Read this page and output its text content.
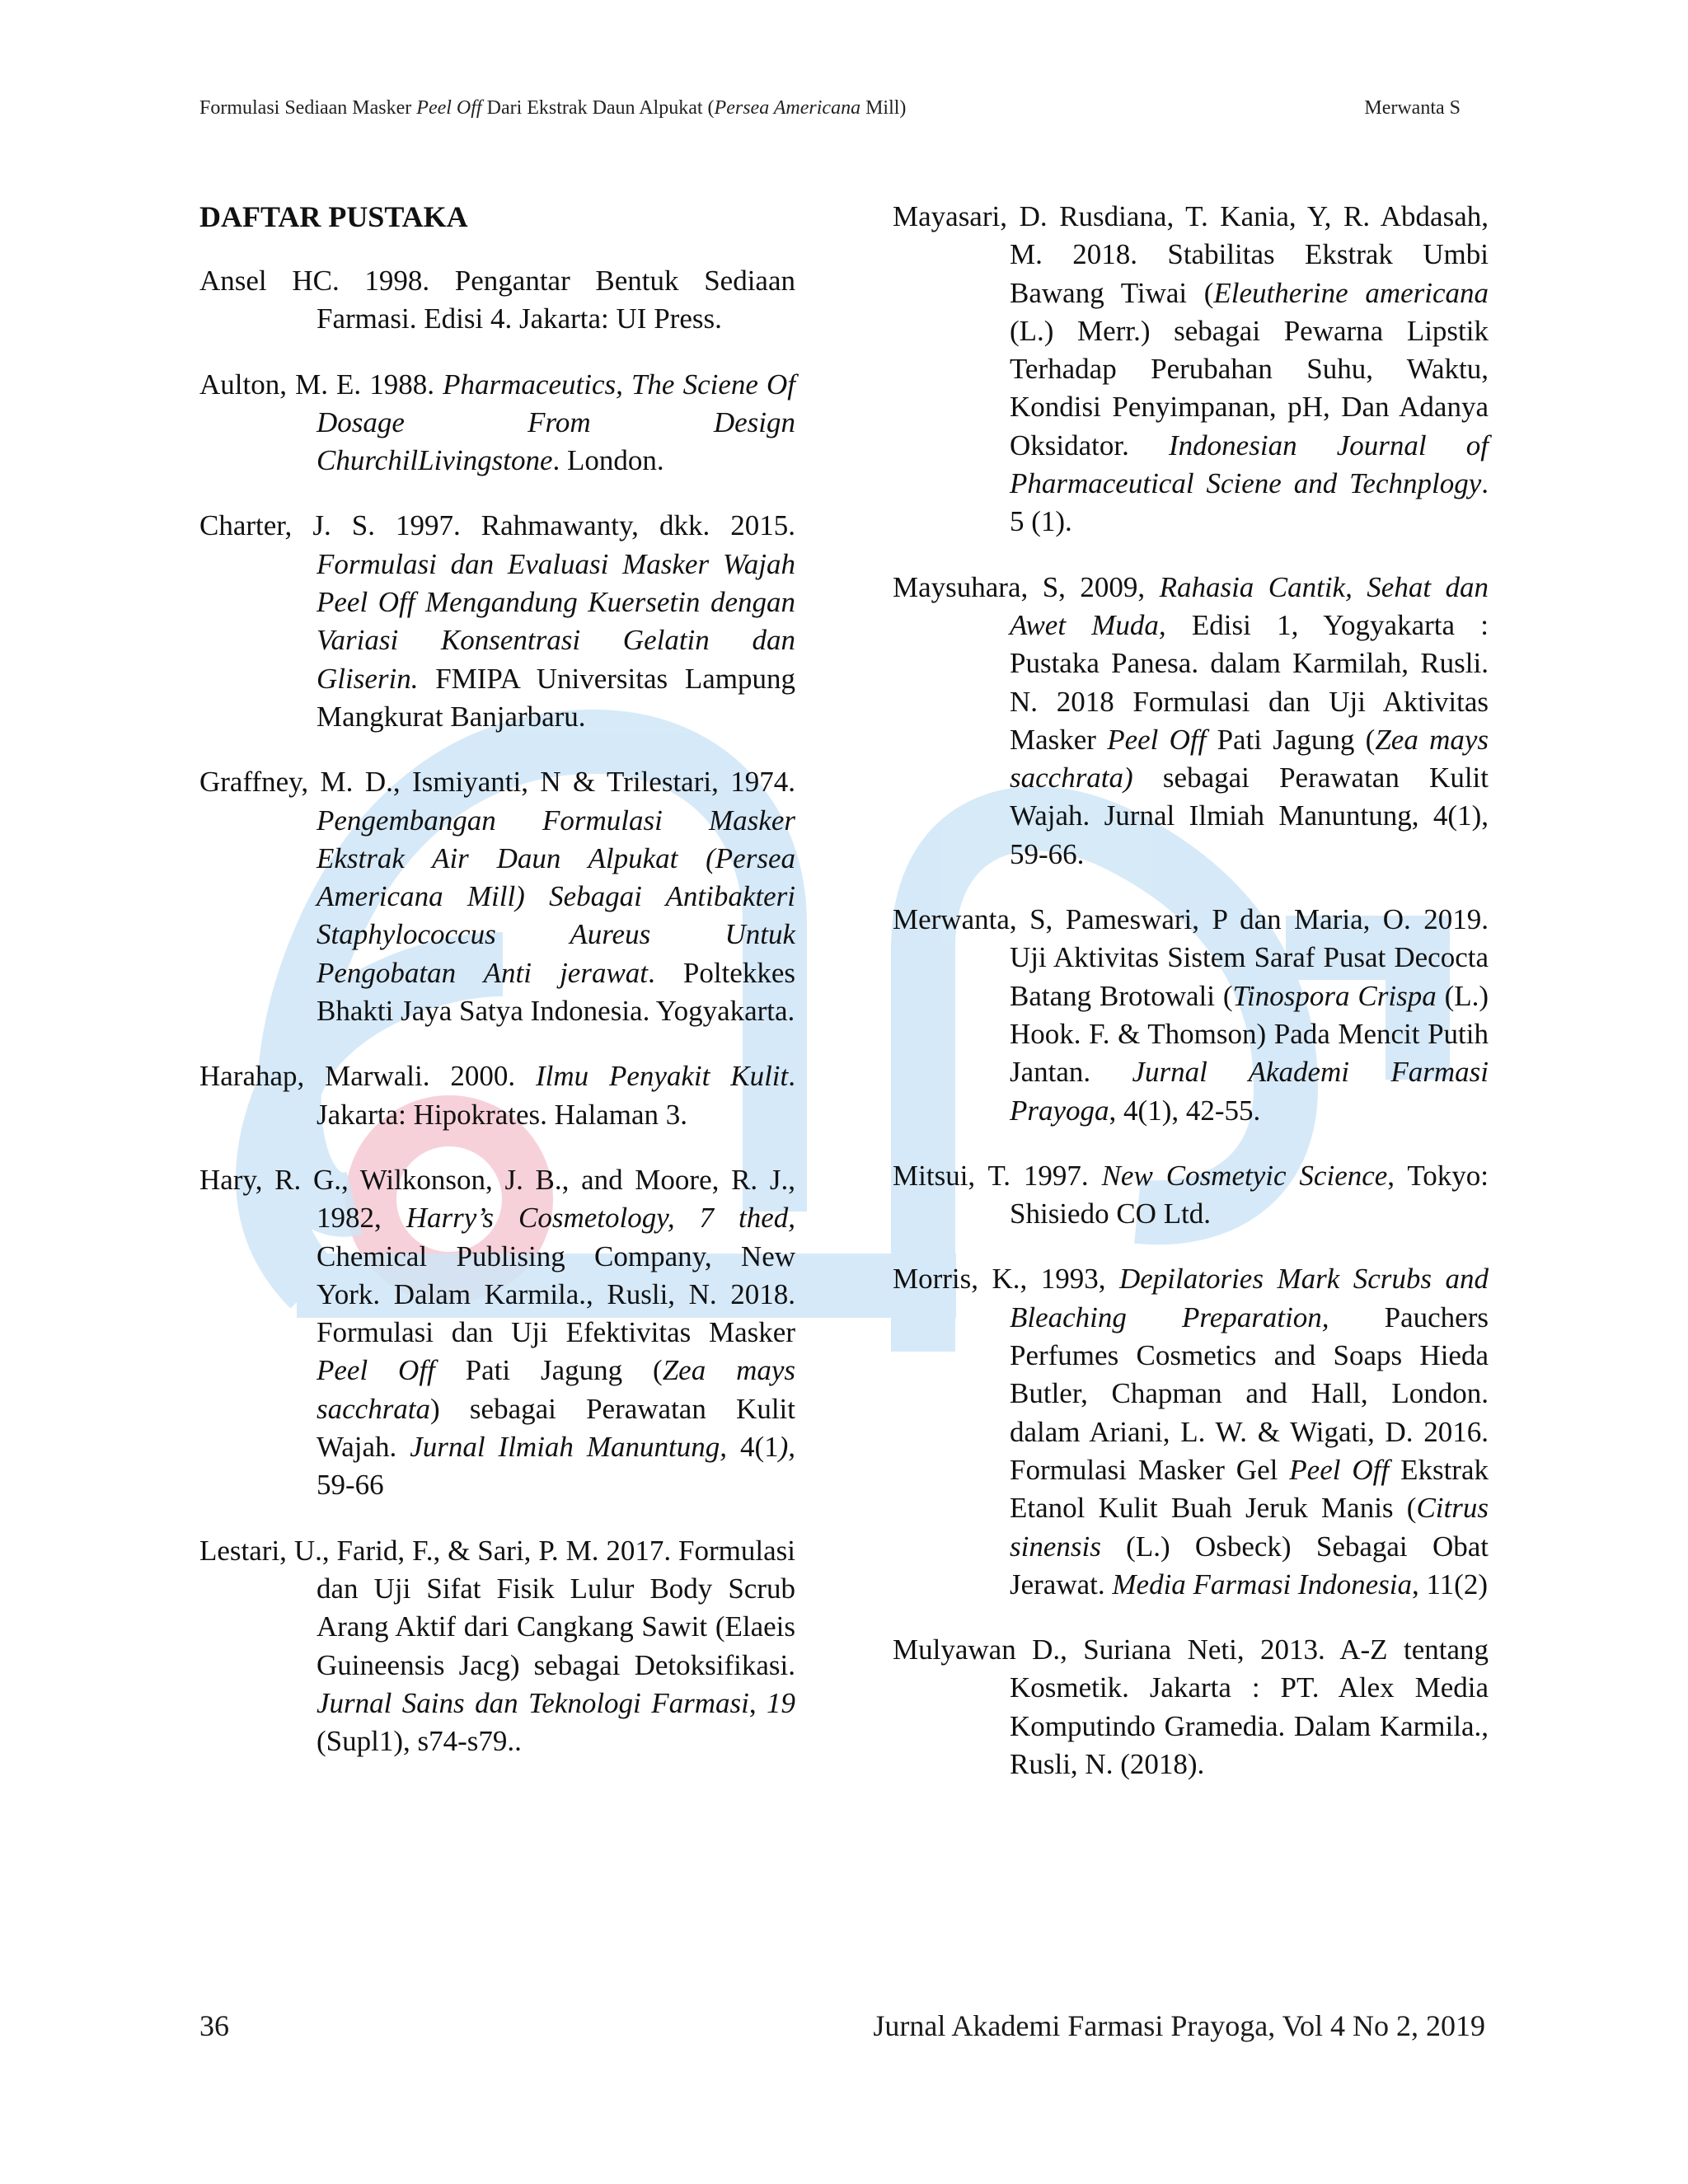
Formulasi Sediaan Masker Peel Off Dari Ekstrak Daun Alpukat (Persea Americana Mill)	Merwanta S
DAFTAR PUSTAKA

Ansel HC. 1998. Pengantar Bentuk Sediaan Farmasi. Edisi 4. Jakarta: UI Press.

Aulton, M. E. 1988. Pharmaceutics, The Sciene Of Dosage From Design ChurchilLivingstone. London.

Charter, J. S. 1997. Rahmawanty, dkk. 2015. Formulasi dan Evaluasi Masker Wajah Peel Off Mengandung Kuersetin dengan Variasi Konsentrasi Gelatin dan Gliserin. FMIPA Universitas Lampung Mangkurat Banjarbaru.

Graffney, M. D., Ismiyanti, N & Trilestari, 1974. Pengembangan Formulasi Masker Ekstrak Air Daun Alpukat (Persea Americana Mill) Sebagai Antibakteri Staphylococcus Aureus Untuk Pengobatan Anti jerawat. Poltekkes Bhakti Jaya Satya Indonesia. Yogyakarta.

Harahap, Marwali. 2000. Ilmu Penyakit Kulit. Jakarta: Hipokrates. Halaman 3.

Hary, R. G., Wilkonson, J. B., and Moore, R. J., 1982, Harry’s Cosmetology, 7 thed, Chemical Publising Company, New York. Dalam Karmila., Rusli, N. 2018. Formulasi dan Uji Efektivitas Masker Peel Off Pati Jagung (Zea mays sacchrata) sebagai Perawatan Kulit Wajah. Jurnal Ilmiah Manuntung, 4(1), 59-66

Lestari, U., Farid, F., & Sari, P. M. 2017. Formulasi dan Uji Sifat Fisik Lulur Body Scrub Arang Aktif dari Cangkang Sawit (Elaeis Guineensis Jacg) sebagai Detoksifikasi. Jurnal Sains dan Teknologi Farmasi, 19 (Supl1), s74-s79..

Mayasari, D. Rusdiana, T. Kania, Y, R. Abdasah, M. 2018. Stabilitas Ekstrak Umbi Bawang Tiwai (Eleutherine americana (L.) Merr.) sebagai Pewarna Lipstik Terhadap Perubahan Suhu, Waktu, Kondisi Penyimpanan, pH, Dan Adanya Oksidator. Indonesian Journal of Pharmaceutical Sciene and Technplogy. 5 (1).

Maysuhara, S, 2009, Rahasia Cantik, Sehat dan Awet Muda, Edisi 1, Yogyakarta : Pustaka Panesa. dalam Karmilah, Rusli. N. 2018 Formulasi dan Uji Aktivitas Masker Peel Off Pati Jagung (Zea mays sacchrata) sebagai Perawatan Kulit Wajah. Jurnal Ilmiah Manuntung, 4(1), 59-66.

Merwanta, S, Pameswari, P dan Maria, O. 2019. Uji Aktivitas Sistem Saraf Pusat Decocta Batang Brotowali (Tinospora Crispa (L.) Hook. F. & Thomson) Pada Mencit Putih Jantan. Jurnal Akademi Farmasi Prayoga, 4(1), 42-55.

Mitsui, T. 1997. New Cosmetyic Science, Tokyo: Shisiedo CO Ltd.

Morris, K., 1993, Depilatories Mark Scrubs and Bleaching Preparation, Pauchers Perfumes Cosmetics and Soaps Hieda Butler, Chapman and Hall, London. dalam Ariani, L. W. & Wigati, D. 2016. Formulasi Masker Gel Peel Off Ekstrak Etanol Kulit Buah Jeruk Manis (Citrus sinensis (L.) Osbeck) Sebagai Obat Jerawat. Media Farmasi Indonesia, 11(2)

Mulyawan D., Suriana Neti, 2013. A-Z tentang Kosmetik. Jakarta : PT. Alex Media Komputindo Gramedia. Dalam Karmila., Rusli, N. (2018).

36	Jurnal Akademi Farmasi Prayoga, Vol 4 No 2, 2019
